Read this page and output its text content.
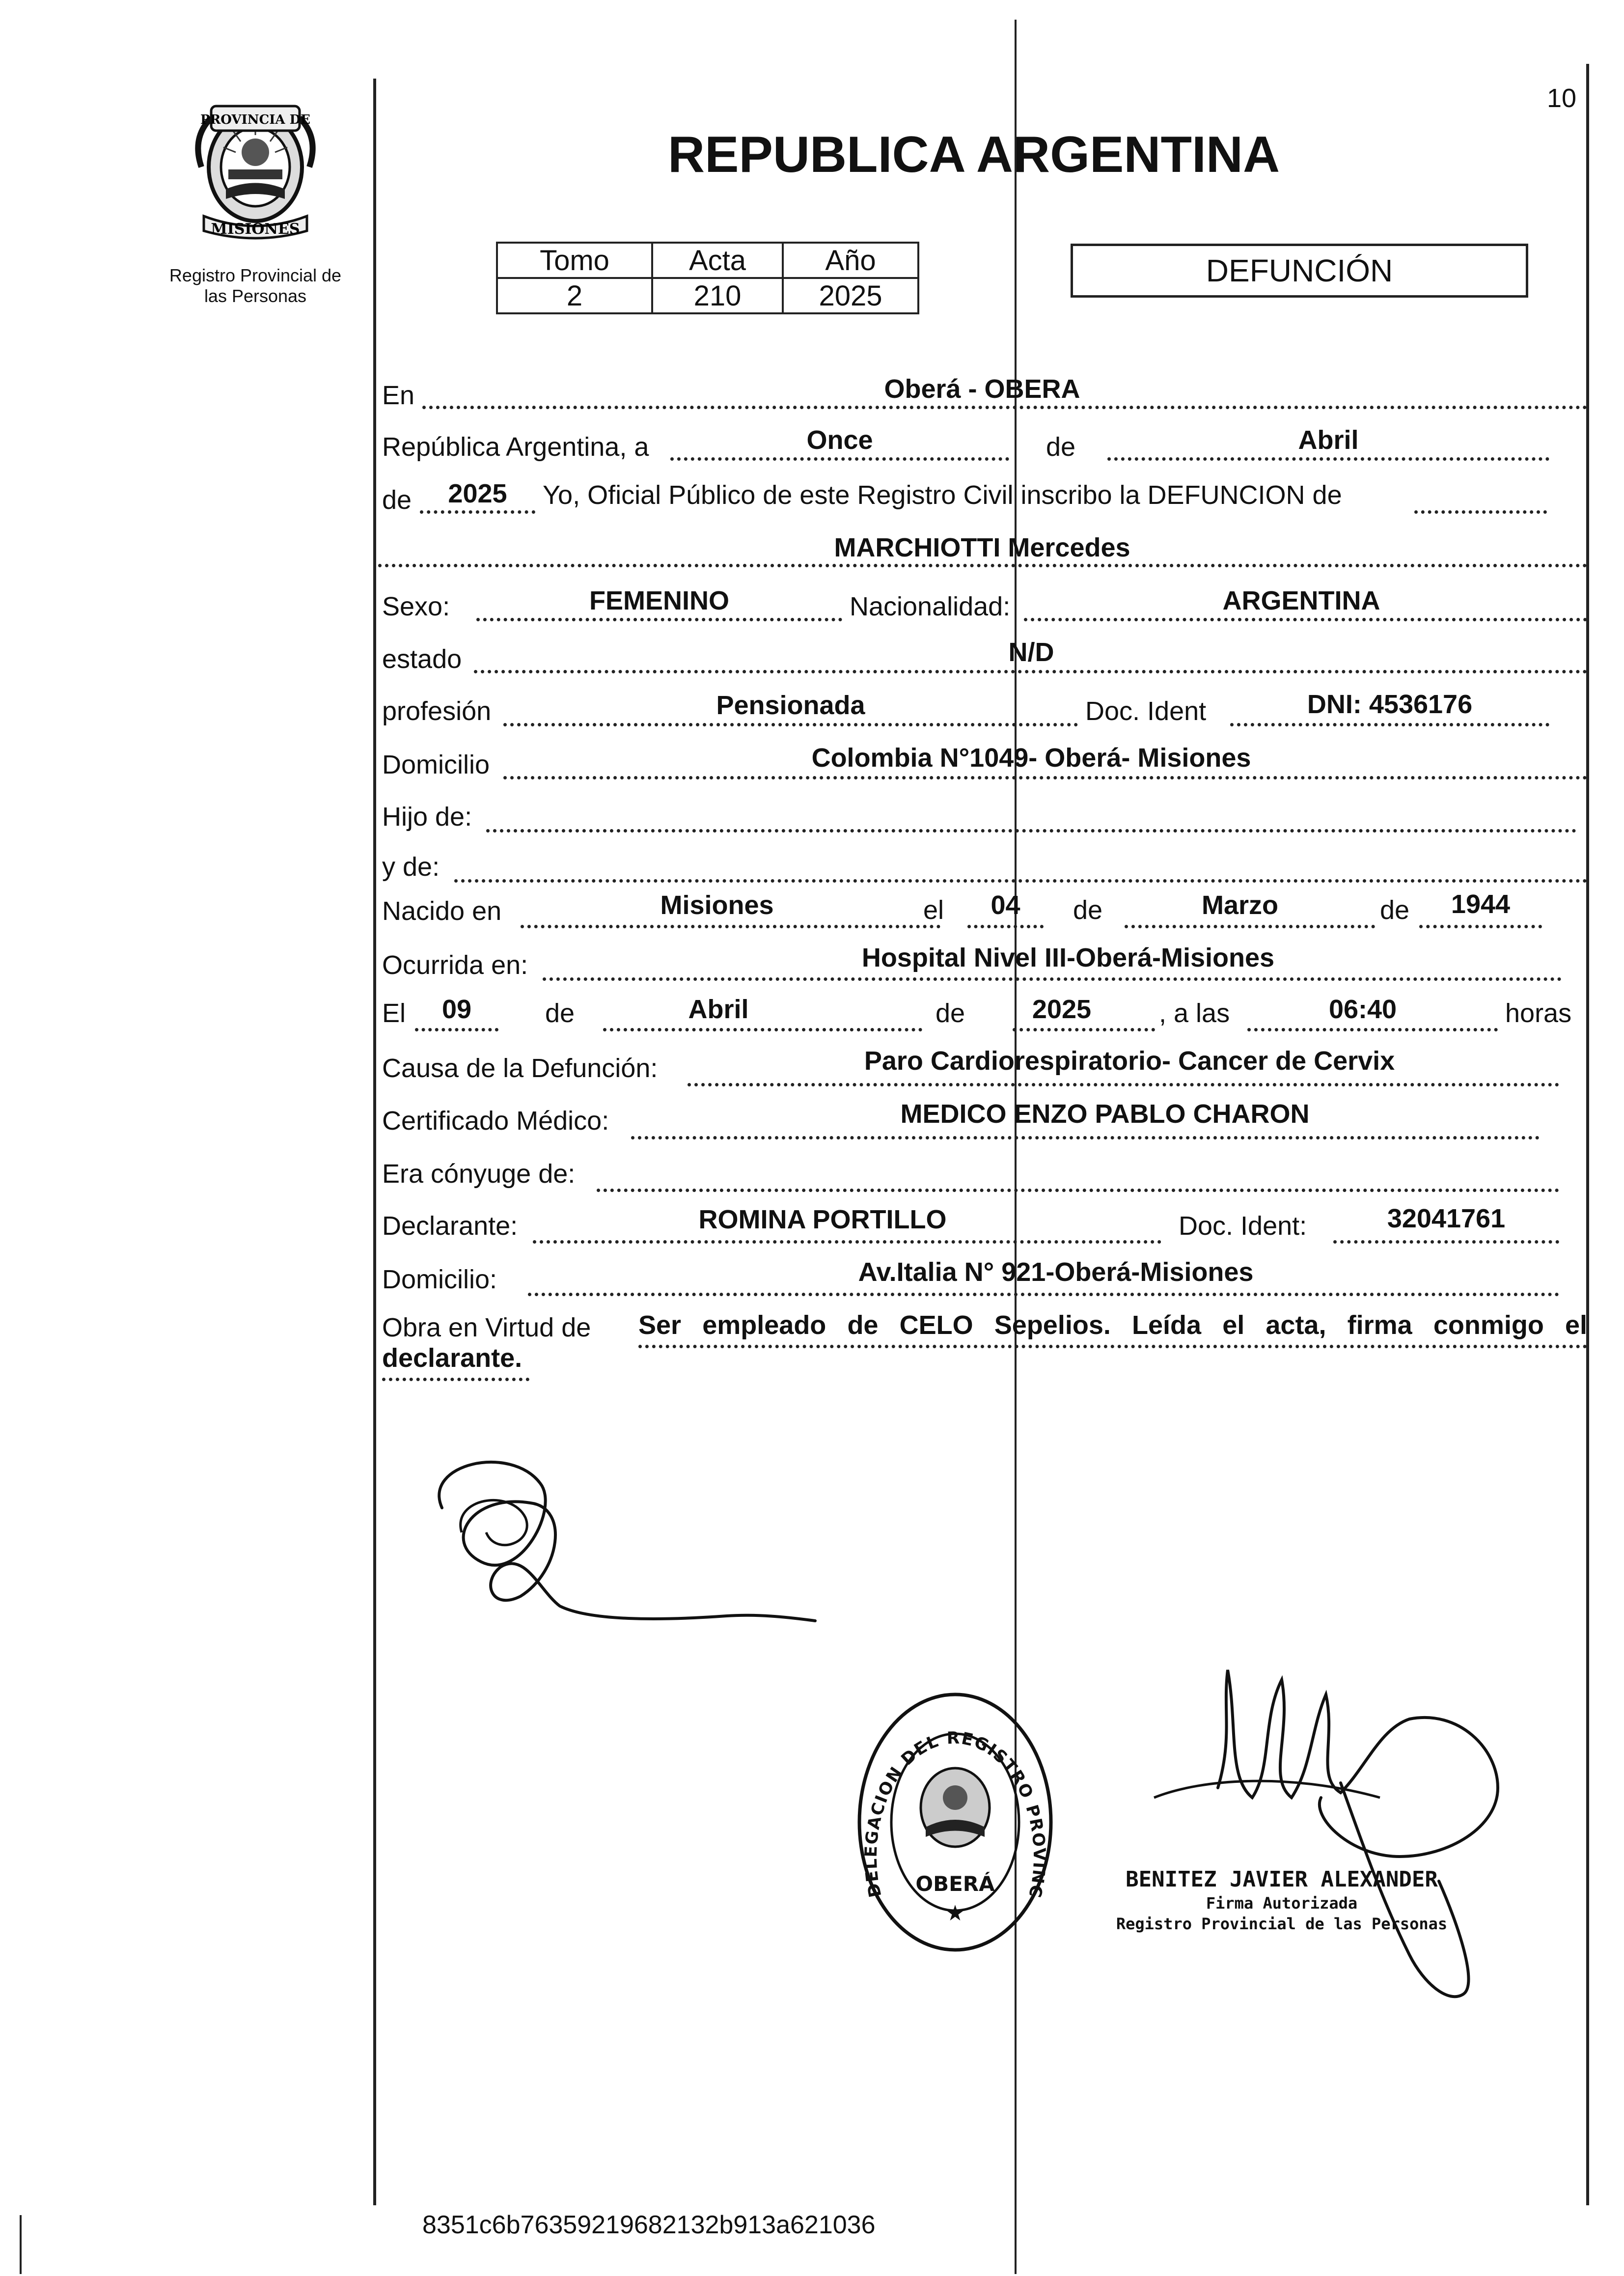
10
PROVINCIA DE
MISIONES
Registro Provincial de
las Personas
REPUBLICA ARGENTINA
Tomo	Acta	Año
2	210	2025
DEFUNCIÓN
En	Oberá - OBERA
República Argentina, a	Once	de	Abril
de	2025	Yo, Oficial Público de este Registro Civil inscribo la DEFUNCION de
MARCHIOTTI Mercedes
Sexo:	FEMENINO	Nacionalidad:	ARGENTINA
estado	N/D
profesión	Pensionada	Doc. Ident	DNI: 4536176
Domicilio	Colombia N°1049- Oberá- Misiones
Hijo de:
y de:
Nacido en	Misiones	el	04	de	Marzo	de	1944
Ocurrida en:	Hospital Nivel III-Oberá-Misiones
El	09	de	Abril	de	2025	, a las	06:40	horas
Causa de la Defunción:	Paro Cardiorespiratorio- Cancer de Cervix
Certificado Médico:	MEDICO ENZO PABLO CHARON
Era cónyuge de:
Declarante:	ROMINA PORTILLO	Doc. Ident:	32041761
Domicilio:	Av.Italia N° 921-Oberá-Misiones
Obra en Virtud de Ser empleado de CELO Sepelios. Leída el acta, firma conmigo el
declarante.
DELEGACION DEL REGISTRO PROVINC
OBERÁ
★
BENITEZ JAVIER ALEXANDER
Firma Autorizada
Registro Provincial de las Personas
8351c6b76359219682132b913a621036
